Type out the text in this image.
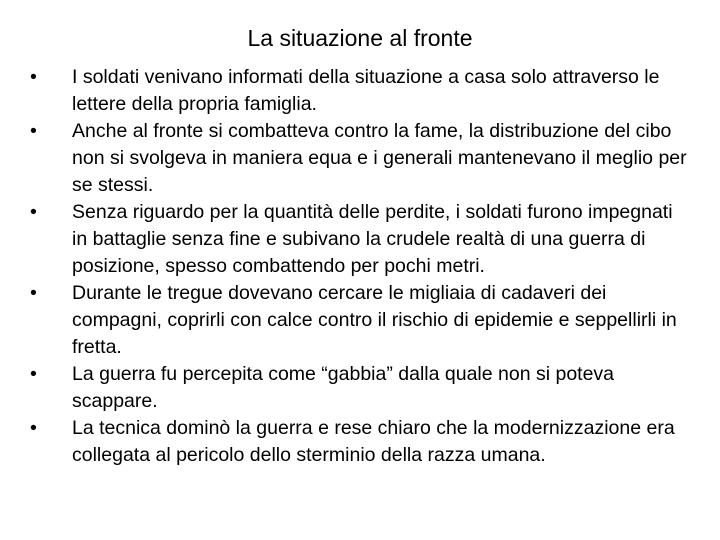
La situazione al fronte
•	I soldati venivano informati della situazione a casa solo attraverso le lettere della propria famiglia.
•	Anche al fronte si combatteva contro la fame, la distribuzione del cibo non si svolgeva in maniera equa e i generali mantenevano il meglio per se stessi.
•	Senza riguardo per la quantità delle perdite, i soldati furono impegnati in battaglie senza fine e subivano la crudele realtà di una guerra di posizione, spesso combattendo per pochi metri.
•	Durante le tregue dovevano cercare le migliaia di cadaveri dei compagni, coprirli con calce contro il rischio di epidemie e seppellirli in fretta.
•	La guerra fu percepita come “gabbia” dalla quale non si poteva scappare.
•	La tecnica dominò la guerra e rese chiaro che la modernizzazione era collegata al pericolo dello sterminio della razza umana.
